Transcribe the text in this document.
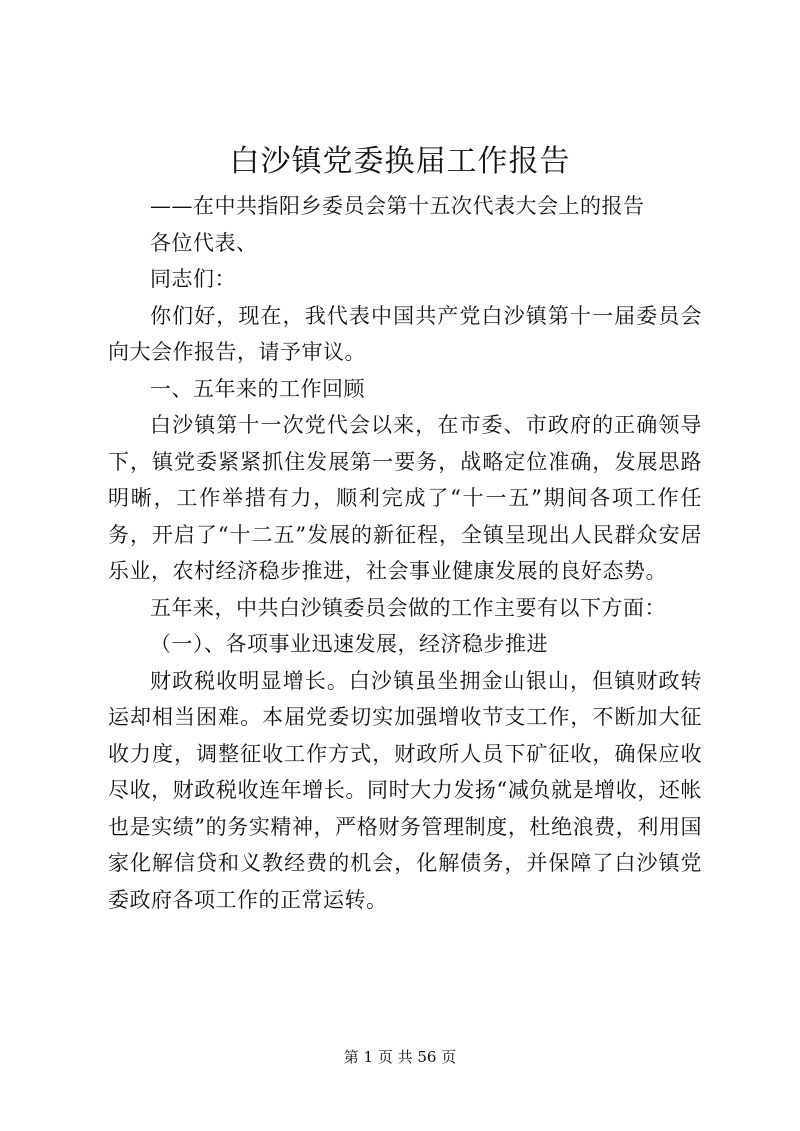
白沙镇党委换届工作报告

——在中共指阳乡委员会第十五次代表大会上的报告

各位代表、

同志们：

你们好，现在，我代表中国共产党白沙镇第十一届委员会向大会作报告，请予审议。

一、五年来的工作回顾

白沙镇第十一次党代会以来，在市委、市政府的正确领导下，镇党委紧紧抓住发展第一要务，战略定位准确，发展思路明晰，工作举措有力，顺利完成了“十一五”期间各项工作任务，开启了“十二五”发展的新征程，全镇呈现出人民群众安居乐业，农村经济稳步推进，社会事业健康发展的良好态势。

五年来，中共白沙镇委员会做的工作主要有以下方面：

（一）、各项事业迅速发展，经济稳步推进

财政税收明显增长。白沙镇虽坐拥金山银山，但镇财政转运却相当困难。本届党委切实加强增收节支工作，不断加大征收力度，调整征收工作方式，财政所人员下矿征收，确保应收尽收，财政税收连年增长。同时大力发扬“减负就是增收，还帐也是实绩”的务实精神，严格财务管理制度，杜绝浪费，利用国家化解信贷和义教经费的机会，化解债务，并保障了白沙镇党委政府各项工作的正常运转。

第 1 页 共 56 页
